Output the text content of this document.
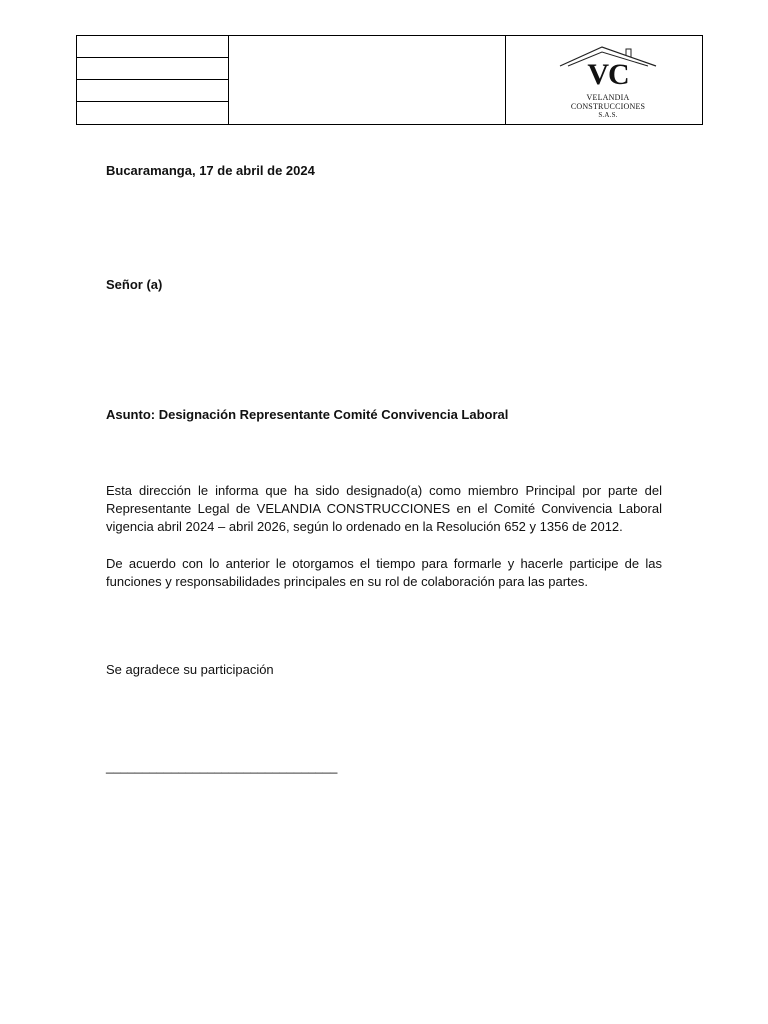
VC
VELANDIA
CONSTRUCCIONES
S.A.S.
Bucaramanga, 17 de abril de 2024
Señor (a)
Asunto: Designación Representante Comité Convivencia Laboral
Esta dirección le informa que ha sido designado(a) como miembro Principal por parte del Representante Legal de VELANDIA CONSTRUCCIONES en el Comité Convivencia Laboral vigencia abril 2024 – abril 2026, según lo ordenado en la Resolución 652 y 1356 de 2012.
De acuerdo con lo anterior le otorgamos el tiempo para formarle y hacerle participe de las funciones y responsabilidades principales en su rol de colaboración para las partes.
Se agradece su participación
________________________________
